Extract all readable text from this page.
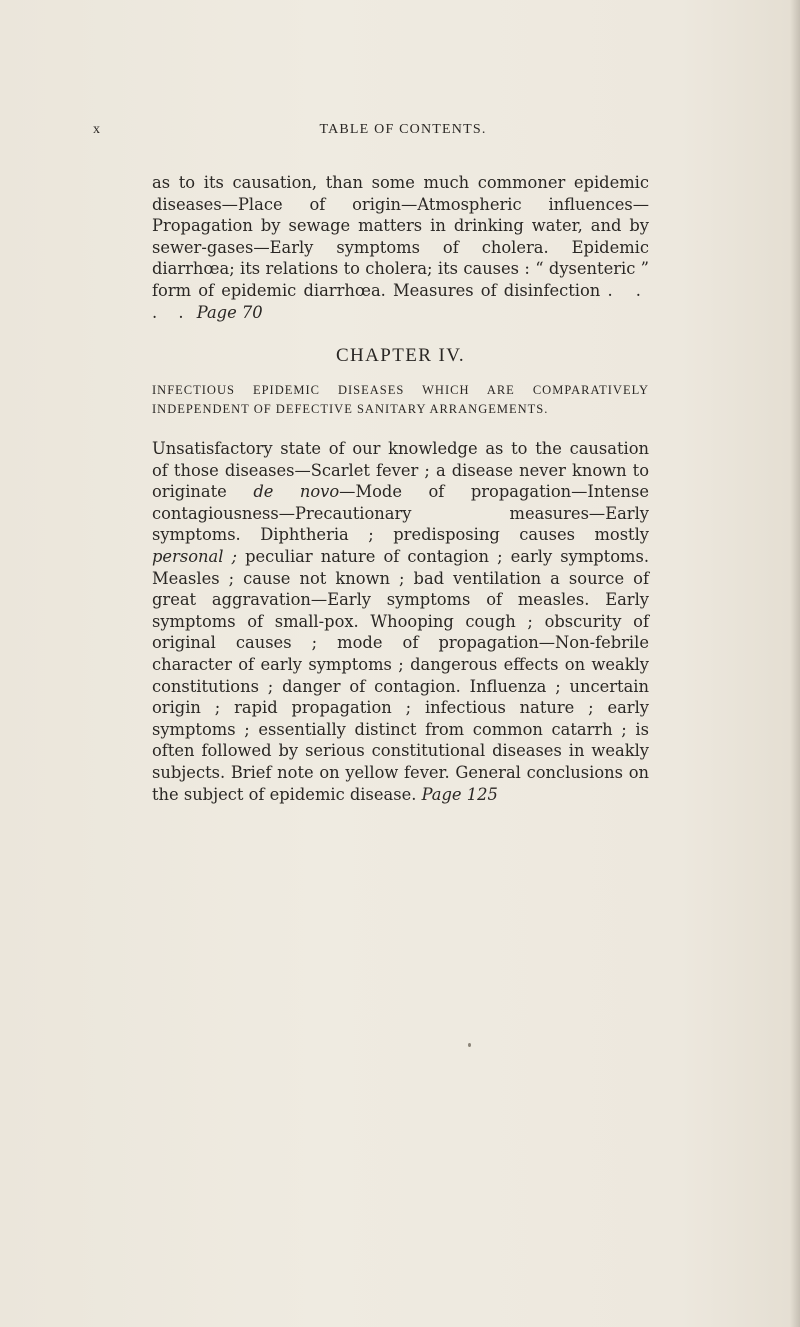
x	TABLE OF CONTENTS.

as to its causation, than some much commoner epidemic diseases—Place of origin—Atmospheric influences—Propagation by sewage matters in drinking water, and by sewer-gases—Early symptoms of cholera. Epidemic diarrhœa; its relations to cholera; its causes : “ dysenteric ” form of epidemic diarrhœa. Measures of disinfection . . . . Page 70

CHAPTER IV.
INFECTIOUS EPIDEMIC DISEASES WHICH ARE COMPARATIVELY INDEPENDENT OF DEFECTIVE SANITARY ARRANGEMENTS.

Unsatisfactory state of our knowledge as to the causation of those diseases—Scarlet fever ; a disease never known to originate de novo—Mode of propagation—Intense contagiousness—Precautionary measures—Early symptoms. Diphtheria ; predisposing causes mostly personal ; peculiar nature of contagion ; early symptoms. Measles ; cause not known ; bad ventilation a source of great aggravation—Early symptoms of measles. Early symptoms of small-pox. Whooping cough ; obscurity of original causes ; mode of propagation—Non-febrile character of early symptoms ; dangerous effects on weakly constitutions ; danger of contagion. Influenza ; uncertain origin ; rapid propagation ; infectious nature ; early symptoms ; essentially distinct from common catarrh ; is often followed by serious constitutional diseases in weakly subjects. Brief note on yellow fever. General conclusions on the subject of epidemic disease. Page 125
